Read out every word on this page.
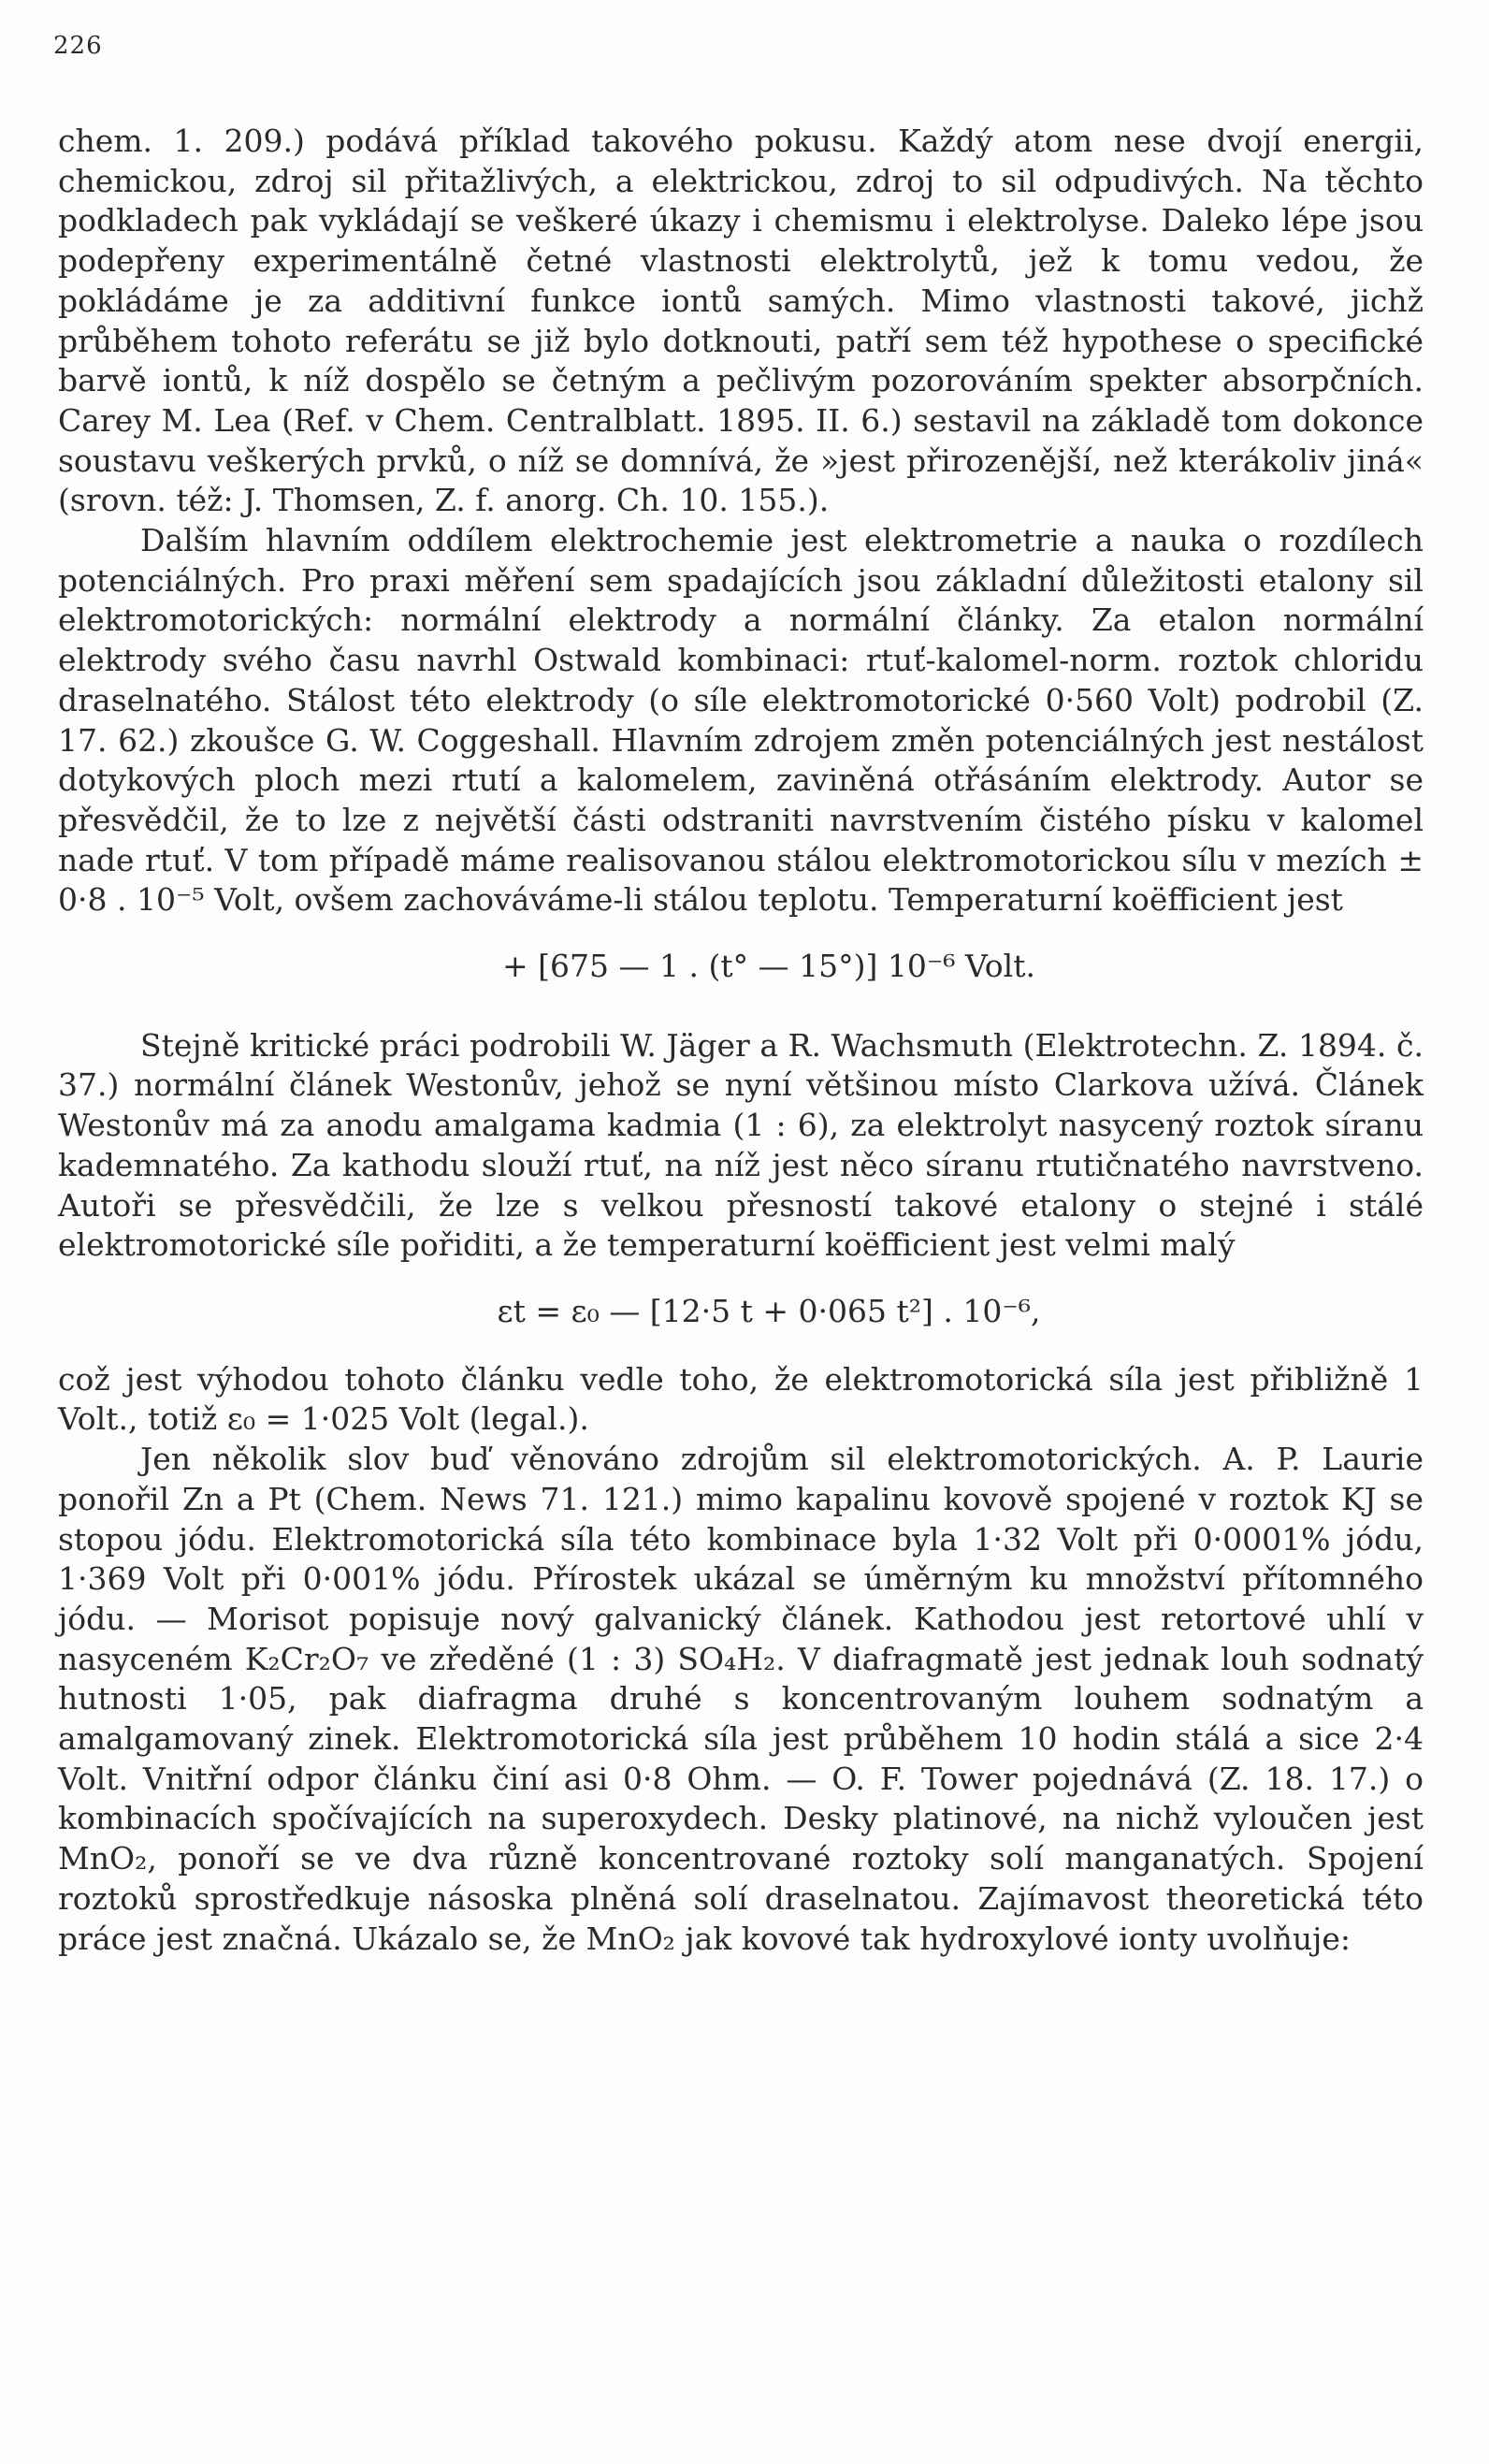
226

chem. 1. 209.) podává příklad takového pokusu. Každý atom nese dvojí energii, chemickou, zdroj sil přitažlivých, a elektrickou, zdroj to sil odpudivých. Na těchto podkladech pak vykládají se veškeré úkazy i chemismu i elektrolyse. Daleko lépe jsou podepřeny experimentálně četné vlastnosti elektrolytů, jež k tomu vedou, že pokládáme je za additivní funkce iontů samých. Mimo vlastnosti takové, jichž průběhem tohoto referátu se již bylo dotknouti, patří sem též hypothese o specifické barvě iontů, k níž dospělo se četným a pečlivým pozorováním spekter absorpčních. Carey M. Lea (Ref. v Chem. Centralblatt. 1895. II. 6.) sestavil na základě tom dokonce soustavu veškerých prvků, o níž se domnívá, že »jest přirozenější, než kterákoliv jiná« (srovn. též: J. Thomsen, Z. f. anorg. Ch. 10. 155.).

Dalším hlavním oddílem elektrochemie jest elektrometrie a nauka o rozdílech potenciálných. Pro praxi měření sem spadajících jsou základní důležitosti etalony sil elektromotorických: normální elektrody a normální články. Za etalon normální elektrody svého času navrhl Ostwald kombinaci: rtuť-kalomel-norm. roztok chloridu draselnatého. Stálost této elektrody (o síle elektromotorické 0·560 Volt) podrobil (Z. 17. 62.) zkoušce G. W. Coggeshall. Hlavním zdrojem změn potenciálných jest nestálost dotykových ploch mezi rtutí a kalomelem, zaviněná otřásáním elektrody. Autor se přesvědčil, že to lze z největší části odstraniti navrstvením čistého písku v kalomel nade rtuť. V tom případě máme realisovanou stálou elektromotorickou sílu v mezích ± 0·8 . 10⁻⁵ Volt, ovšem zachováváme-li stálou teplotu. Temperaturní koëfficient jest

+ [675 — 1 . (t° — 15°)] 10⁻⁶ Volt.

Stejně kritické práci podrobili W. Jäger a R. Wachsmuth (Elektrotechn. Z. 1894. č. 37.) normální článek Westonův, jehož se nyní většinou místo Clarkova užívá. Článek Westonův má za anodu amalgama kadmia (1 : 6), za elektrolyt nasycený roztok síranu kademnatého. Za kathodu slouží rtuť, na níž jest něco síranu rtutičnatého navrstveno. Autoři se přesvědčili, že lze s velkou přesností takové etalony o stejné i stálé elektromotorické síle pořiditi, a že temperaturní koëfficient jest velmi malý

εt = ε₀ — [12·5 t + 0·065 t²] . 10⁻⁶,

což jest výhodou tohoto článku vedle toho, že elektromotorická síla jest přibližně 1 Volt., totiž ε₀ = 1·025 Volt (legal.).

Jen několik slov buď věnováno zdrojům sil elektromotorických. A. P. Laurie ponořil Zn a Pt (Chem. News 71. 121.) mimo kapalinu kovově spojené v roztok KJ se stopou jódu. Elektromotorická síla této kombinace byla 1·32 Volt při 0·0001% jódu, 1·369 Volt při 0·001% jódu. Přírostek ukázal se úměrným ku množství přítomného jódu. — Morisot popisuje nový galvanický článek. Kathodou jest retortové uhlí v nasyceném K₂Cr₂O₇ ve zředěné (1 : 3) SO₄H₂. V diafragmatě jest jednak louh sodnatý hutnosti 1·05, pak diafragma druhé s koncentrovaným louhem sodnatým a amalgamovaný zinek. Elektromotorická síla jest průběhem 10 hodin stálá a sice 2·4 Volt. Vnitřní odpor článku činí asi 0·8 Ohm. — O. F. Tower pojednává (Z. 18. 17.) o kombinacích spočívajících na superoxydech. Desky platinové, na nichž vyloučen jest MnO₂, ponoří se ve dva různě koncentrované roztoky solí manganatých. Spojení roztoků sprostředkuje násoska plněná solí draselnatou. Zajímavost theoretická této práce jest značná. Ukázalo se, že MnO₂ jak kovové tak hydroxylové ionty uvolňuje:
